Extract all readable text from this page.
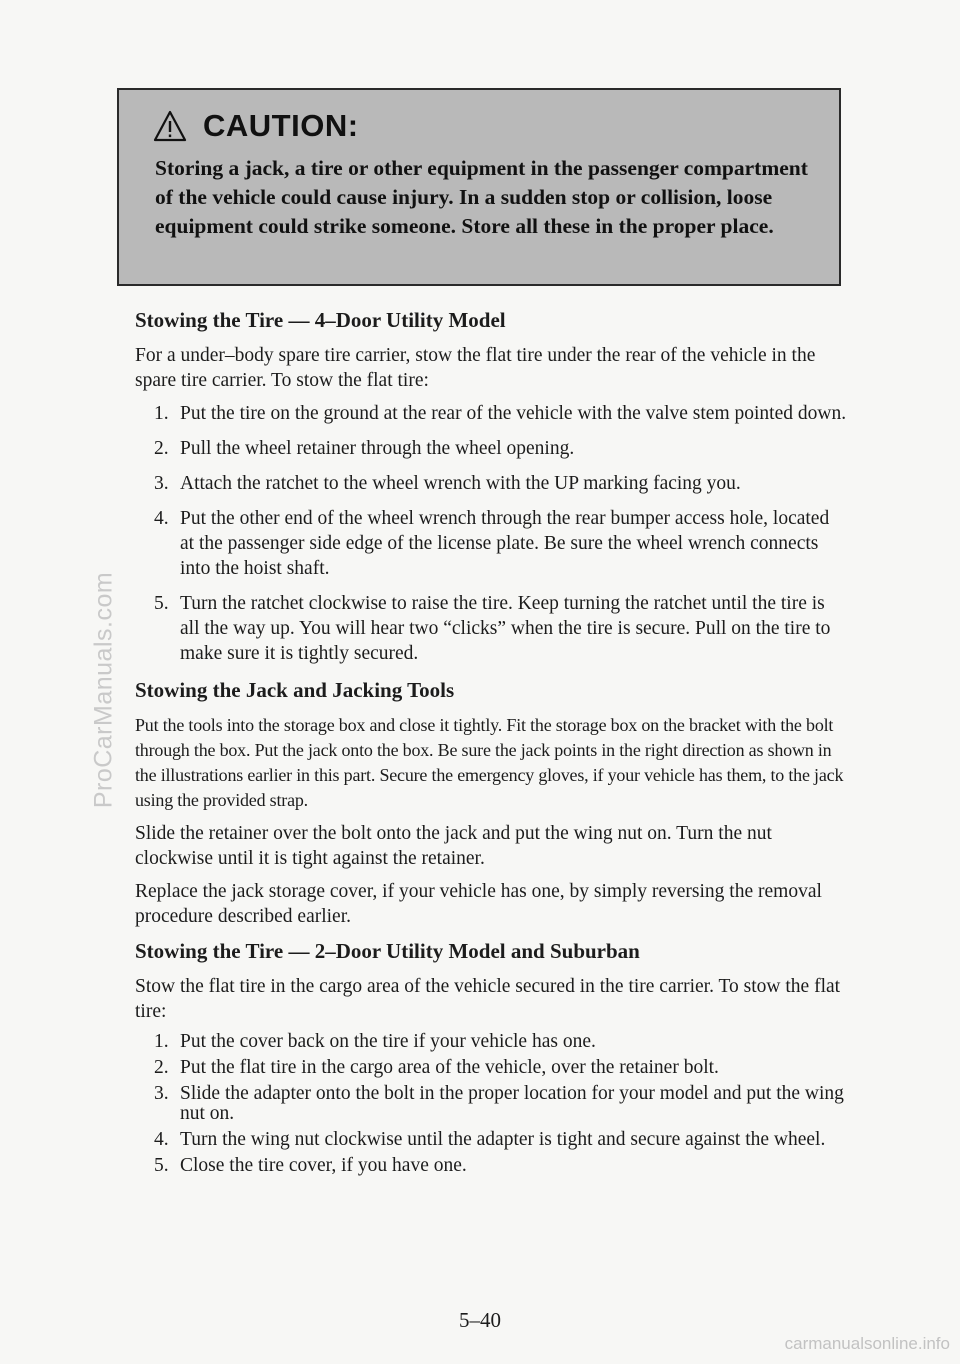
ProCarManuals.com
CAUTION:

Storing a jack, a tire or other equipment in the passenger compartment of the vehicle could cause injury. In a sudden stop or collision, loose equipment could strike someone. Store all these in the proper place.

Stowing the Tire — 4–Door Utility Model

For a under–body spare tire carrier, stow the flat tire under the rear of the vehicle in the spare tire carrier. To stow the flat tire:

1. Put the tire on the ground at the rear of the vehicle with the valve stem pointed down.
2. Pull the wheel retainer through the wheel opening.
3. Attach the ratchet to the wheel wrench with the UP marking facing you.
4. Put the other end of the wheel wrench through the rear bumper access hole, located at the passenger side edge of the license plate. Be sure the wheel wrench connects into the hoist shaft.
5. Turn the ratchet clockwise to raise the tire. Keep turning the ratchet until the tire is all the way up. You will hear two “clicks” when the tire is secure. Pull on the tire to make sure it is tightly secured.
Stowing the Jack and Jacking Tools

Put the tools into the storage box and close it tightly. Fit the storage box on the bracket with the bolt through the box. Put the jack onto the box. Be sure the jack points in the right direction as shown in the illustrations earlier in this part. Secure the emergency gloves, if your vehicle has them, to the jack using the provided strap.

Slide the retainer over the bolt onto the jack and put the wing nut on. Turn the nut clockwise until it is tight against the retainer.

Replace the jack storage cover, if your vehicle has one, by simply reversing the removal procedure described earlier.

Stowing the Tire — 2–Door Utility Model and Suburban

Stow the flat tire in the cargo area of the vehicle secured in the tire carrier. To stow the flat tire:

1. Put the cover back on the tire if your vehicle has one.
2. Put the flat tire in the cargo area of the vehicle, over the retainer bolt.
3. Slide the adapter onto the bolt in the proper location for your model and put the wing nut on.
4. Turn the wing nut clockwise until the adapter is tight and secure against the wheel.
5. Close the tire cover, if you have one.
5–40
carmanualsonline.info
